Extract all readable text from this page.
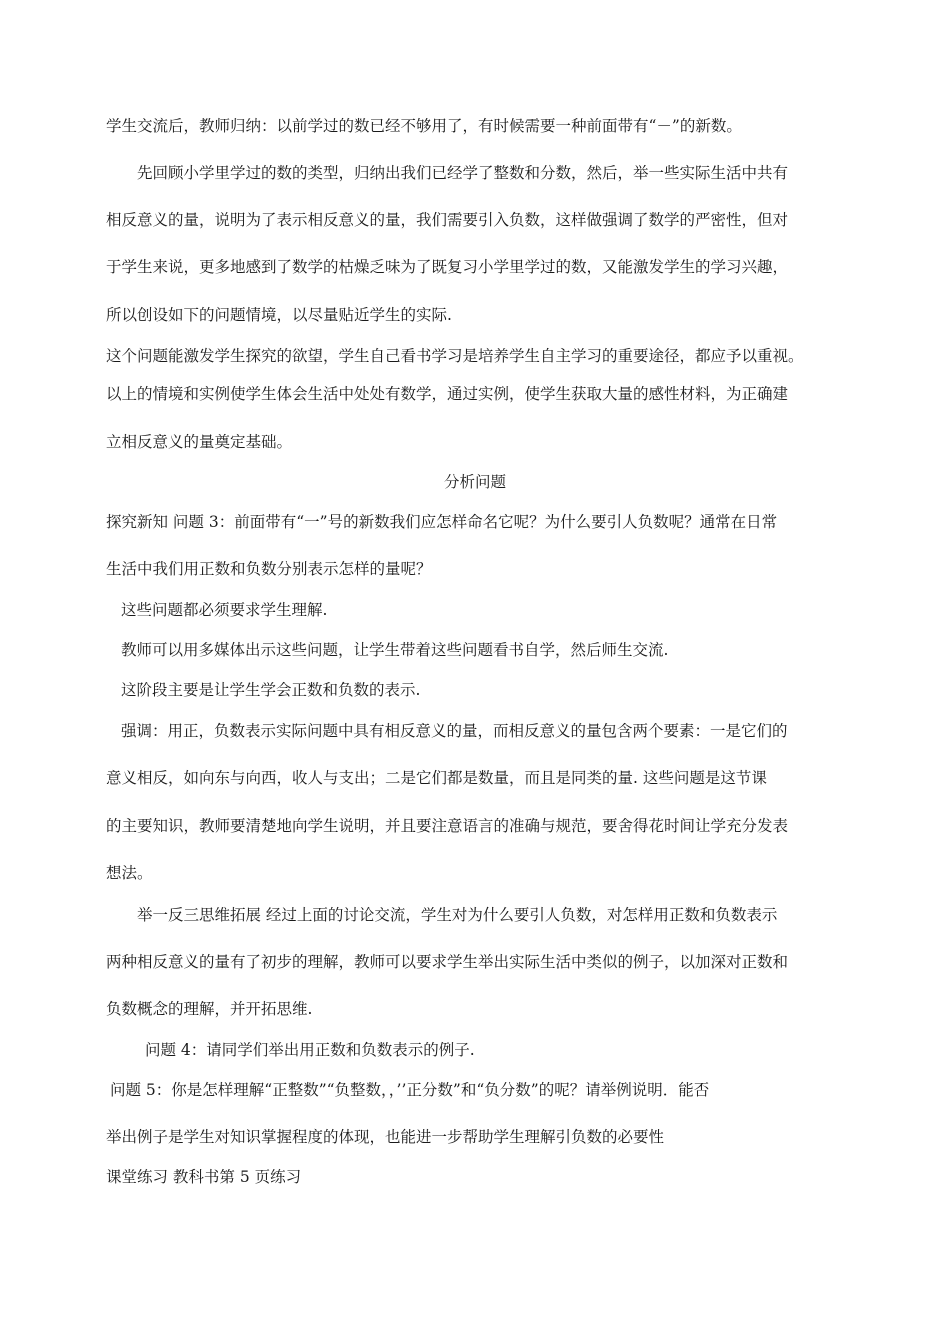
学生交流后，教师归纳：以前学过的数已经不够用了，有时候需要一种前面带有“－”的新数。
先回顾小学里学过的数的类型，归纳出我们已经学了整数和分数，然后，举一些实际生活中共有
相反意义的量，说明为了表示相反意义的量，我们需要引入负数，这样做强调了数学的严密性，但对
于学生来说，更多地感到了数学的枯燥乏味为了既复习小学里学过的数，又能激发学生的学习兴趣，
所以创设如下的问题情境，以尽量贴近学生的实际.
这个问题能激发学生探究的欲望，学生自己看书学习是培养学生自主学习的重要途径，都应予以重视。
以上的情境和实例使学生体会生活中处处有数学，通过实例，使学生获取大量的感性材料，为正确建
立相反意义的量奠定基础。
分析问题
探究新知 问题 3：前面带有“一”号的新数我们应怎样命名它呢？为什么要引人负数呢？通常在日常
生活中我们用正数和负数分别表示怎样的量呢？
这些问题都必须要求学生理解.
教师可以用多媒体出示这些问题，让学生带着这些问题看书自学，然后师生交流.
这阶段主要是让学生学会正数和负数的表示.
强调：用正，负数表示实际问题中具有相反意义的量，而相反意义的量包含两个要素：一是它们的
意义相反，如向东与向西，收人与支出；二是它们都是数量，而且是同类的量. 这些问题是这节课
的主要知识，教师要清楚地向学生说明，并且要注意语言的准确与规范，要舍得花时间让学充分发表
想法。
举一反三思维拓展 经过上面的讨论交流，学生对为什么要引人负数，对怎样用正数和负数表示
两种相反意义的量有了初步的理解，教师可以要求学生举出实际生活中类似的例子，以加深对正数和
负数概念的理解，并开拓思维.
问题 4：请同学们举出用正数和负数表示的例子.
问题 5：你是怎样理解“正整数”“负整数，，’’正分数”和“负分数”的呢？请举例说明．能否
举出例子是学生对知识掌握程度的体现，也能进一步帮助学生理解引负数的必要性
课堂练习 教科书第 5 页练习
